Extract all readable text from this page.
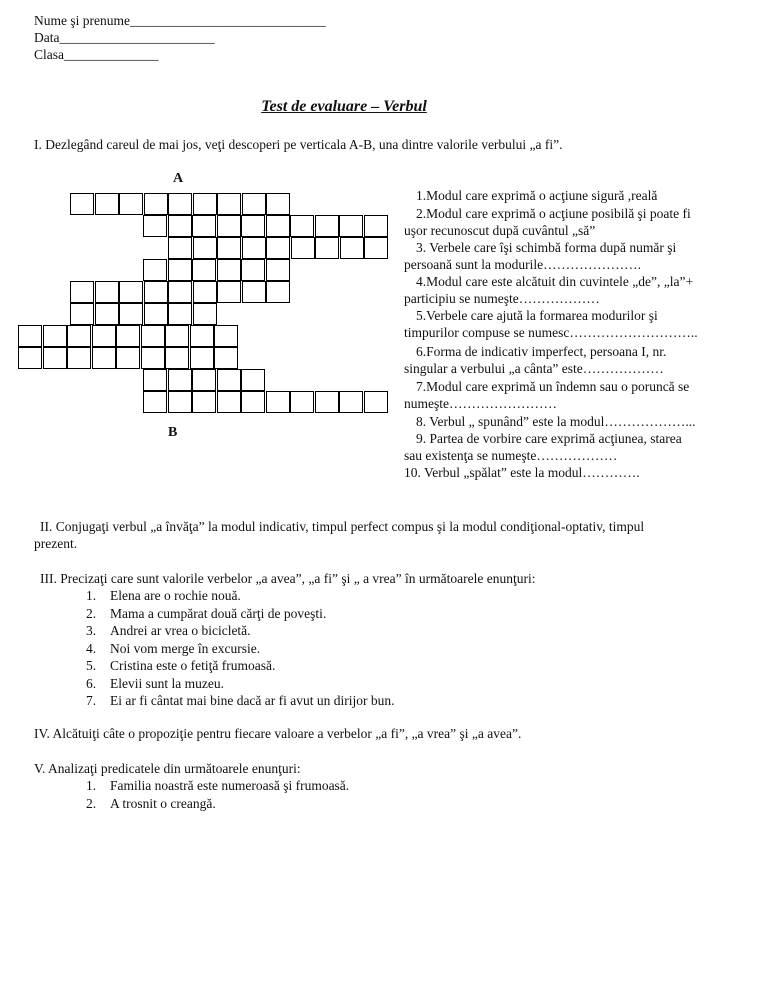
Nume şi prenume_____________________________
Data_______________________
Clasa______________
Test de evaluare – Verbul
I. Dezlegând careul de mai jos, veţi descoperi pe verticala A-B, una dintre valorile verbului „a fi”.
A
B
1.Modul care exprimă o acţiune sigură ,reală
2.Modul care exprimă o acţiune posibilă şi poate fi
uşor recunoscut după cuvântul „să”
3. Verbele care îşi schimbă forma după număr şi
persoană sunt la modurile………………….
4.Modul care este alcătuit din cuvintele „de”, „la”+
participiu se numeşte………………
5.Verbele care ajută la formarea modurilor şi
timpurilor compuse se numesc………………………..
6.Forma de indicativ imperfect, persoana I, nr.
singular a verbului „a cânta” este………………
7.Modul care exprimă un îndemn sau o poruncă se
numeşte……………………
8. Verbul „ spunând” este la modul………………...
9. Partea de vorbire care exprimă acţiunea, starea
sau existenţa se numeşte………………
10. Verbul „spălat” este la modul………….
II. Conjugaţi verbul „a învăţa” la modul indicativ, timpul perfect compus şi la modul condiţional-optativ, timpul
prezent.
III. Precizaţi care sunt valorile verbelor „a avea”, „a fi” şi „ a vrea” în următoarele enunţuri:
1. Elena are o rochie nouă.
2. Mama a cumpărat două cărţi de poveşti.
3. Andrei ar vrea o bicicletă.
4. Noi vom merge în excursie.
5. Cristina este o fetiţă frumoasă.
6. Elevii sunt la muzeu.
7. Ei ar fi cântat mai bine dacă ar fi avut un dirijor bun.
IV. Alcătuiţi câte o propoziţie pentru fiecare valoare a verbelor „a fi”, „a vrea” şi „a avea”.
V. Analizaţi predicatele din următoarele enunţuri:
1. Familia noastră este numeroasă şi frumoasă.
2. A trosnit o creangă.
